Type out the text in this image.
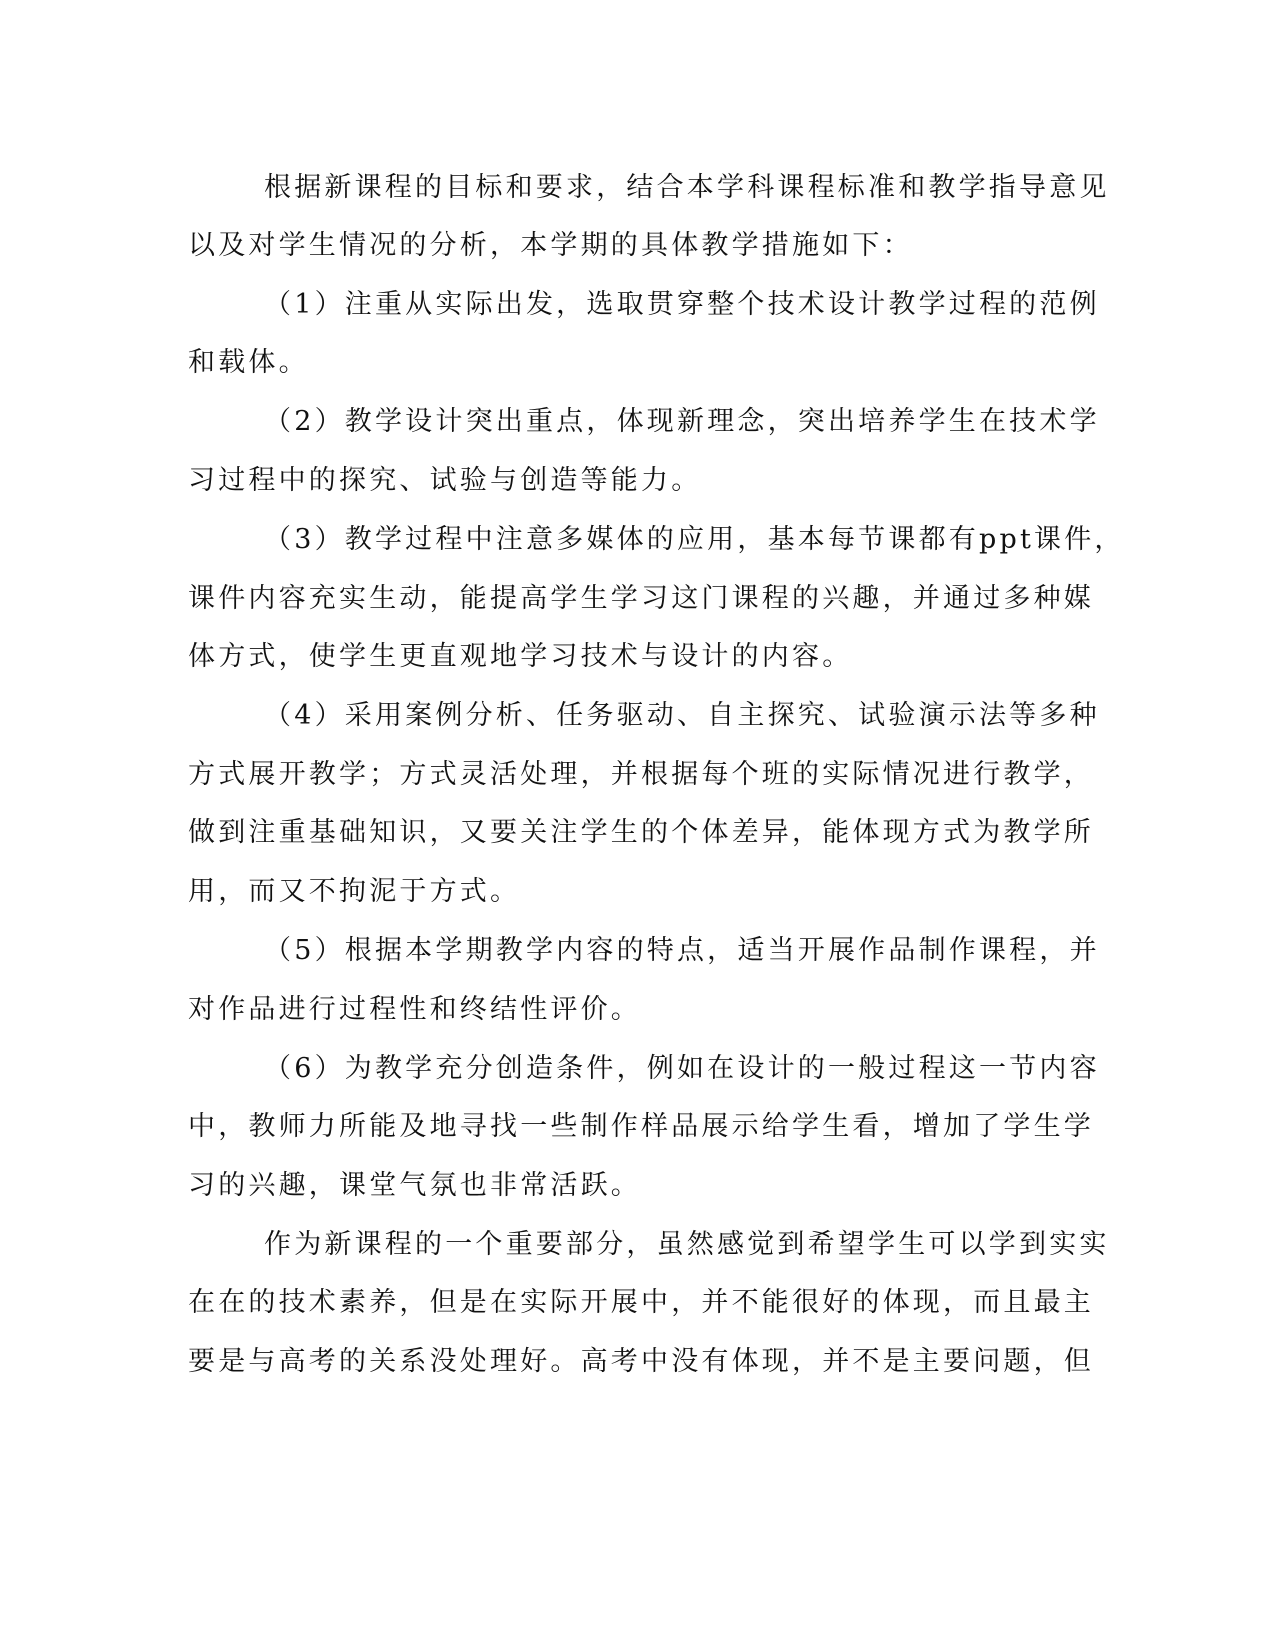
根据新课程的目标和要求，结合本学科课程标准和教学指导意见

以及对学生情况的分析，本学期的具体教学措施如下：

（1）注重从实际出发，选取贯穿整个技术设计教学过程的范例

和载体。

（2）教学设计突出重点，体现新理念，突出培养学生在技术学

习过程中的探究、试验与创造等能力。

（3）教学过程中注意多媒体的应用，基本每节课都有ppt课件，

课件内容充实生动，能提高学生学习这门课程的兴趣，并通过多种媒

体方式，使学生更直观地学习技术与设计的内容。

（4）采用案例分析、任务驱动、自主探究、试验演示法等多种

方式展开教学；方式灵活处理，并根据每个班的实际情况进行教学，

做到注重基础知识，又要关注学生的个体差异，能体现方式为教学所

用，而又不拘泥于方式。

（5）根据本学期教学内容的特点，适当开展作品制作课程，并

对作品进行过程性和终结性评价。

（6）为教学充分创造条件，例如在设计的一般过程这一节内容

中，教师力所能及地寻找一些制作样品展示给学生看，增加了学生学

习的兴趣，课堂气氛也非常活跃。

作为新课程的一个重要部分，虽然感觉到希望学生可以学到实实

在在的技术素养，但是在实际开展中，并不能很好的体现，而且最主

要是与高考的关系没处理好。高考中没有体现，并不是主要问题，但
